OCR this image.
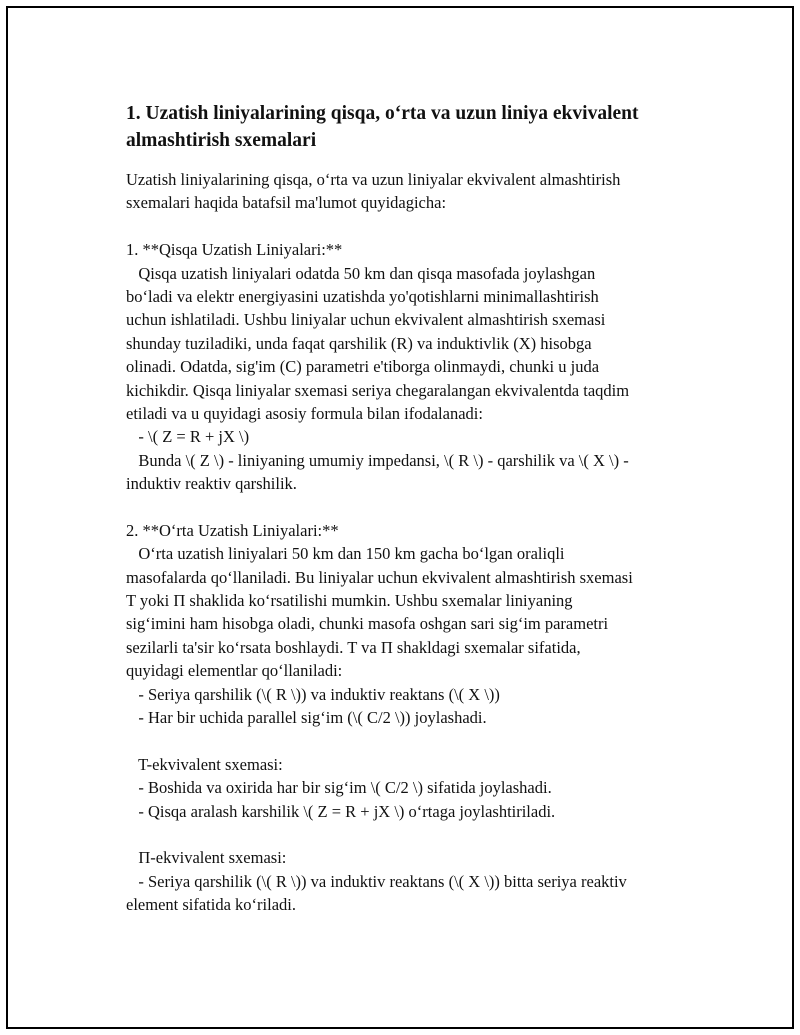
1. Uzatish liniyalarining qisqa, o‘rta va uzun liniya ekvivalent
almashtirish sxemalari
Uzatish liniyalarining qisqa, o‘rta va uzun liniyalar ekvivalent almashtirish
sxemalari haqida batafsil ma'lumot quyidagicha:
1. **Qisqa Uzatish Liniyalari:**
Qisqa uzatish liniyalari odatda 50 km dan qisqa masofada joylashgan
bo‘ladi va elektr energiyasini uzatishda yo'qotishlarni minimallashtirish
uchun ishlatiladi. Ushbu liniyalar uchun ekvivalent almashtirish sxemasi
shunday tuziladiki, unda faqat qarshilik (R) va induktivlik (X) hisobga
olinadi. Odatda, sig'im (C) parametri e'tiborga olinmaydi, chunki u juda
kichikdir. Qisqa liniyalar sxemasi seriya chegaralangan ekvivalentda taqdim
etiladi va u quyidagi asosiy formula bilan ifodalanadi:
- \( Z = R + jX \)
Bunda \( Z \) - liniyaning umumiy impedansi, \( R \) - qarshilik va \( X \) -
induktiv reaktiv qarshilik.
2. **O‘rta Uzatish Liniyalari:**
O‘rta uzatish liniyalari 50 km dan 150 km gacha bo‘lgan oraliqli
masofalarda qo‘llaniladi. Bu liniyalar uchun ekvivalent almashtirish sxemasi
T yoki Π shaklida ko‘rsatilishi mumkin. Ushbu sxemalar liniyaning
sig‘imini ham hisobga oladi, chunki masofa oshgan sari sig‘im parametri
sezilarli ta'sir ko‘rsata boshlaydi. T va Π shakldagi sxemalar sifatida,
quyidagi elementlar qo‘llaniladi:
- Seriya qarshilik (\( R \)) va induktiv reaktans (\( X \))
- Har bir uchida parallel sig‘im (\( C/2 \)) joylashadi.
T-ekvivalent sxemasi:
- Boshida va oxirida har bir sig‘im \( C/2 \) sifatida joylashadi.
- Qisqa aralash karshilik \( Z = R + jX \) o‘rtaga joylashtiriladi.
Π-ekvivalent sxemasi:
- Seriya qarshilik (\( R \)) va induktiv reaktans (\( X \)) bitta seriya reaktiv
element sifatida ko‘riladi.
